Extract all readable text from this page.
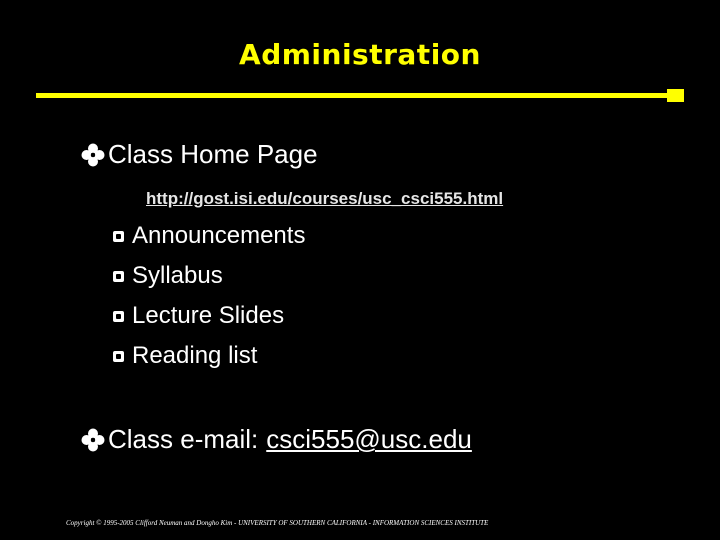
Administration
Class Home Page
http://gost.isi.edu/courses/usc_csci555.html
Announcements
Syllabus
Lecture Slides
Reading list
Class e-mail: csci555@usc.edu
Copyright © 1995-2005 Clifford Neuman and Dongho Kim - UNIVERSITY OF SOUTHERN CALIFORNIA - INFORMATION SCIENCES INSTITUTE
